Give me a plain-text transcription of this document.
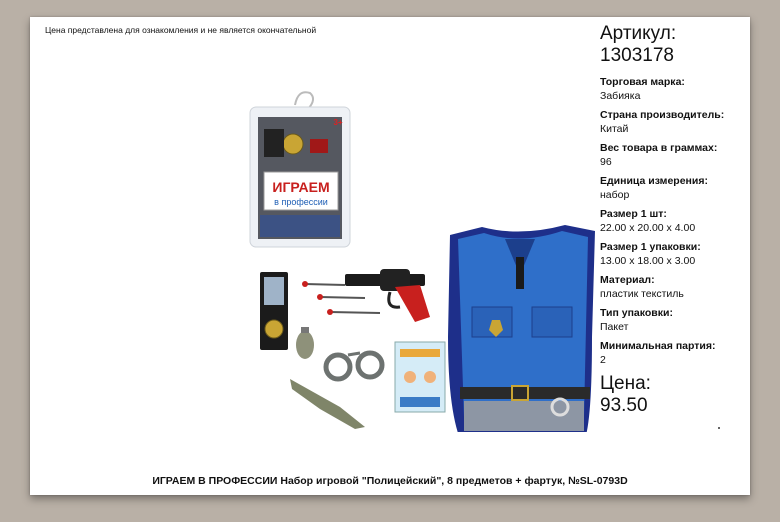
Цена представлена для ознакомления и не является окончательной
ИГРАЕМ
в профессии
3+
Артикул:
1303178
Торговая марка:
Забияка
Страна производитель:
Китай
Вес товара в граммах:
96
Единица измерения:
набор
Размер 1 шт:
22.00 x 20.00 x 4.00
Размер 1 упаковки:
13.00 x 18.00 x 3.00
Материал:
пластик текстиль
Тип упаковки:
Пакет
Минимальная партия:
2
Цена:
93.50
ИГРАЕМ В ПРОФЕССИИ Набор игровой "Полицейский", 8 предметов + фартук, №SL-0793D
